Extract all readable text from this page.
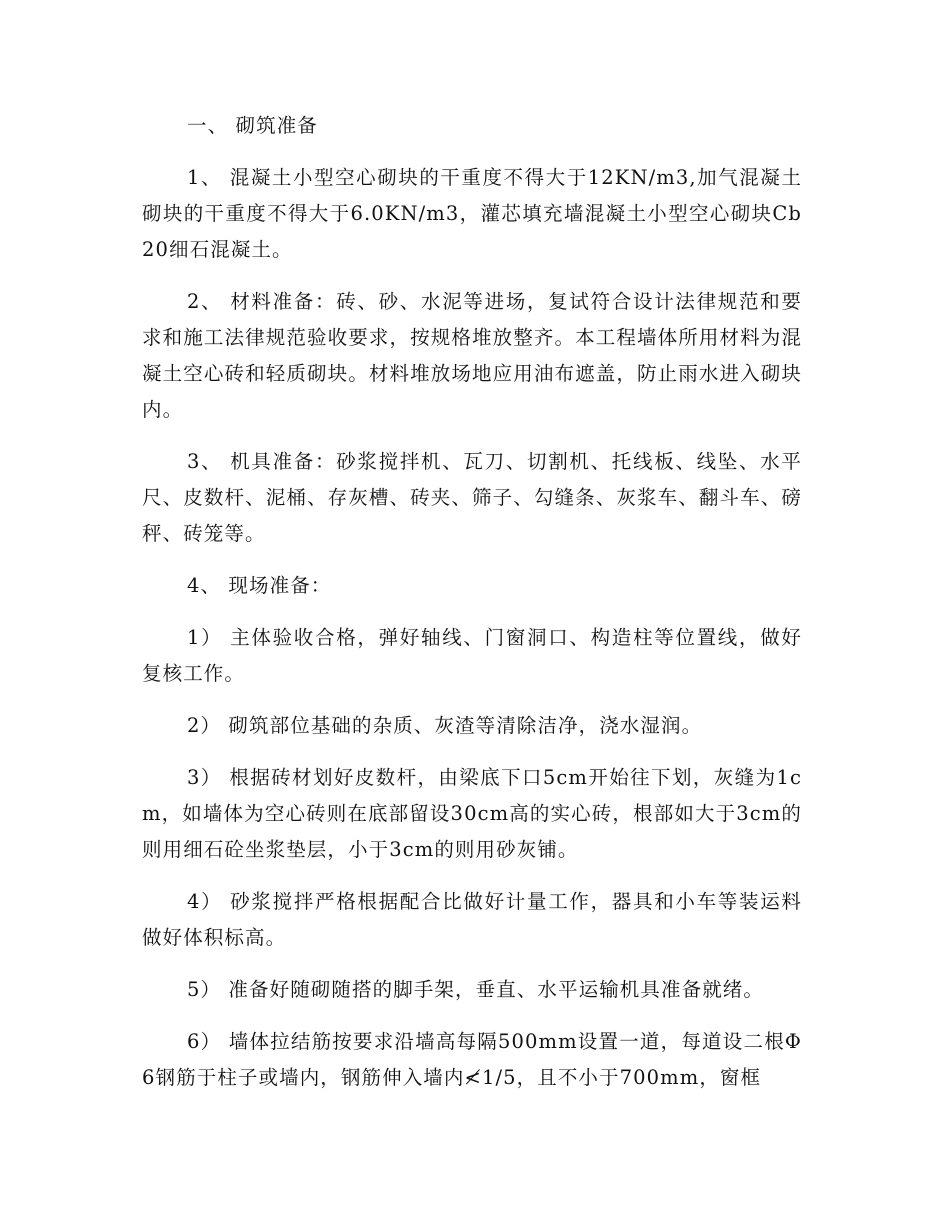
一、 砌筑准备

1、 混凝土小型空心砌块的干重度不得大于12KN/m3,加气混凝土砌块的干重度不得大于6.0KN/m3，灌芯填充墙混凝土小型空心砌块Cb20细石混凝土。

2、 材料准备：砖、砂、水泥等进场，复试符合设计法律规范和要求和施工法律规范验收要求，按规格堆放整齐。本工程墙体所用材料为混凝土空心砖和轻质砌块。材料堆放场地应用油布遮盖，防止雨水进入砌块内。

3、 机具准备：砂浆搅拌机、瓦刀、切割机、托线板、线坠、水平尺、皮数杆、泥桶、存灰槽、砖夹、筛子、勾缝条、灰浆车、翻斗车、磅秤、砖笼等。

4、 现场准备：

1） 主体验收合格，弹好轴线、门窗洞口、构造柱等位置线，做好复核工作。

2） 砌筑部位基础的杂质、灰渣等清除洁净，浇水湿润。

3） 根据砖材划好皮数杆，由梁底下口5cm开始往下划，灰缝为1cm，如墙体为空心砖则在底部留设30cm高的实心砖，根部如大于3cm的则用细石砼坐浆垫层，小于3cm的则用砂灰铺。

4） 砂浆搅拌严格根据配合比做好计量工作，器具和小车等装运料做好体积标高。

5） 准备好随砌随搭的脚手架，垂直、水平运输机具准备就绪。

6） 墙体拉结筋按要求沿墙高每隔500mm设置一道，每道设二根Φ6钢筋于柱子或墙内，钢筋伸入墙内≮1/5，且不小于700mm，窗框
